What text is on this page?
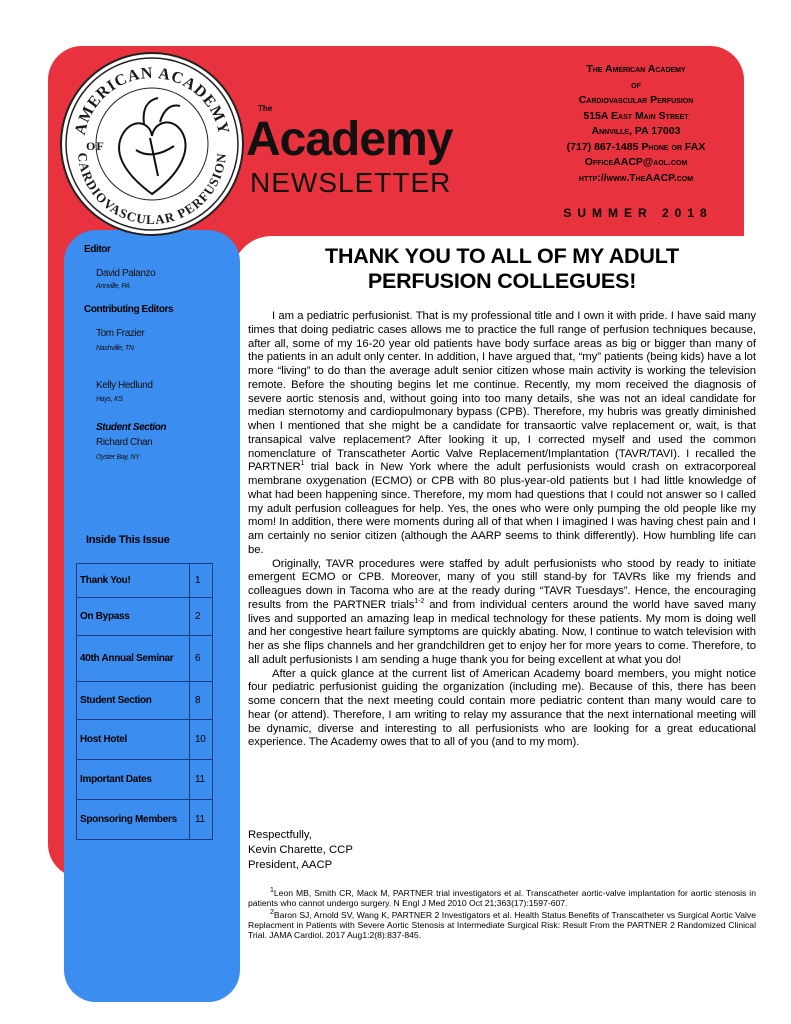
AMERICAN ACADEMY
CARDIOVASCULAR PERFUSION
OF
The
Academy
NEWSLETTER
The American Academy
of
Cardiovascular Perfusion
515A East Main Street
Annville, PA 17003
(717) 867-1485 Phone or FAX
OfficeAACP@aol.com
http://www.TheAACP.com
SUMMER 2018
Editor
David Palanzo
Annville, PA
Contributing Editors
Tom Frazier
Nashville, TN
Kelly Hedlund
Hays, KS
Student Section
Richard Chan
Oyster Bay, NY
Inside This Issue
Thank You!	1
On Bypass	2
40th Annual Seminar	6
Student Section	8
Host Hotel	10
Important Dates	11
Sponsoring Members	11
THANK YOU TO ALL OF MY ADULT
PERFUSION COLLEGUES!

I am a pediatric perfusionist. That is my professional title and I own it with pride. I have said many times that doing pediatric cases allows me to practice the full range of perfusion techniques because, after all, some of my 16-20 year old patients have body surface areas as big or bigger than many of the patients in an adult only center. In addition, I have argued that, “my” patients (being kids) have a lot more “living” to do than the average adult senior citizen whose main activity is working the television remote. Before the shouting begins let me continue. Recently, my mom received the diagnosis of severe aortic stenosis and, without going into too many details, she was not an ideal candidate for median sternotomy and cardiopulmonary bypass (CPB). Therefore, my hubris was greatly diminished when I mentioned that she might be a candidate for transaortic valve replacement or, wait, is that transapical valve replacement? After looking it up, I corrected myself and used the common nomenclature of Transcatheter Aortic Valve Replacement/Implantation (TAVR/TAVI). I recalled the PARTNER$^1$ trial back in New York where the adult perfusionists would crash on extracorporeal membrane oxygenation (ECMO) or CPB with 80 plus-year-old patients but I had little knowledge of what had been happening since. Therefore, my mom had questions that I could not answer so I called my adult perfusion colleagues for help. Yes, the ones who were only pumping the old people like my mom! In addition, there were moments during all of that when I imagined I was having chest pain and I am certainly no senior citizen (although the AARP seems to think differently). How humbling life can be.

Originally, TAVR procedures were staffed by adult perfusionists who stood by ready to initiate emergent ECMO or CPB. Moreover, many of you still stand-by for TAVRs like my friends and colleagues down in Tacoma who are at the ready during “TAVR Tuesdays”. Hence, the encouraging results from the PARTNER trials$^{1-2}$ and from individual centers around the world have saved many lives and supported an amazing leap in medical technology for these patients. My mom is doing well and her congestive heart failure symptoms are quickly abating. Now, I continue to watch television with her as she flips channels and her grandchildren get to enjoy her for more years to come. Therefore, to all adult perfusionists I am sending a huge thank you for being excellent at what you do!

After a quick glance at the current list of American Academy board members, you might notice four pediatric perfusionist guiding the organization (including me). Because of this, there has been some concern that the next meeting could contain more pediatric content than many would care to hear (or attend). Therefore, I am writing to relay my assurance that the next international meeting will be dynamic, diverse and interesting to all perfusionists who are looking for a great educational experience. The Academy owes that to all of you (and to my mom).

Respectfully,
Kevin Charette, CCP
President, AACP

$^1$Leon MB, Smith CR, Mack M, PARTNER trial investigators et al. Transcatheter aortic-valve implantation for aortic stenosis in patients who cannot undergo surgery. N Engl J Med 2010 Oct 21;363(17):1597-607.

$^2$Baron SJ, Arnold SV, Wang K, PARTNER 2 Investigators et al. Health Status Benefits of Transcatheter vs Surgical Aortic Valve Replacment in Patients with Severe Aortic Stenosis at Intermediate Surgical Risk: Result From the PARTNER 2 Randomized Clinical Trial. JAMA Cardiol. 2017 Aug1:2(8):837-845.
